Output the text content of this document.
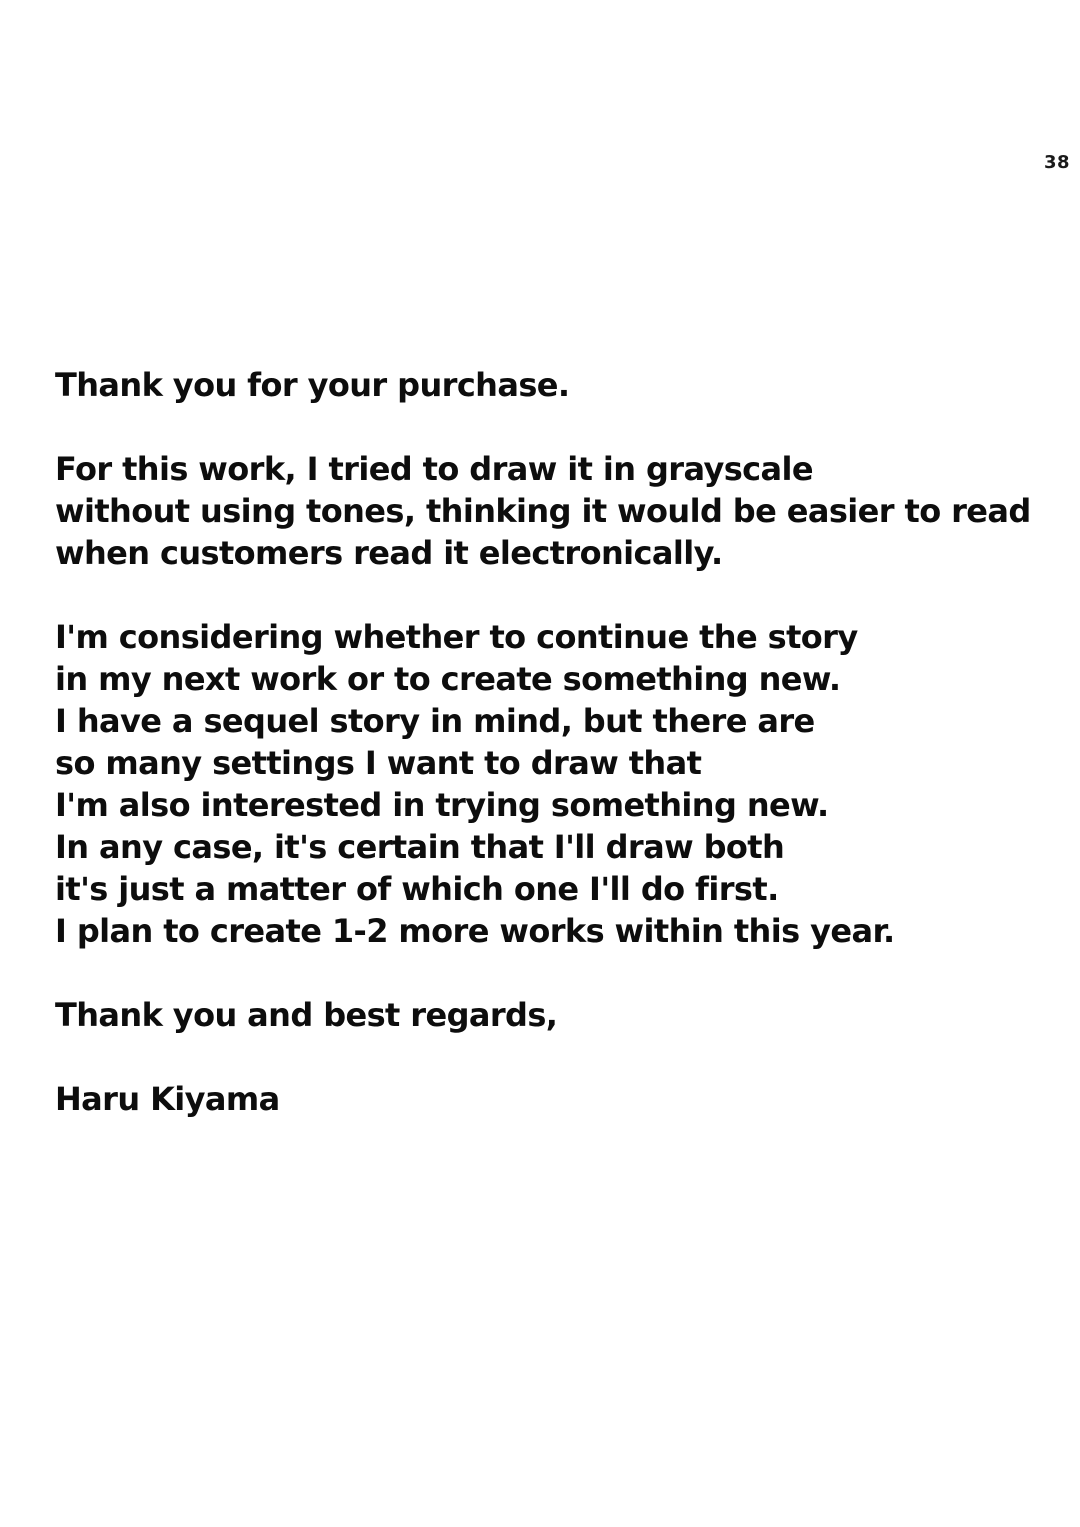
38
Thank you for your purchase.
For this work, I tried to draw it in grayscale
without using tones, thinking it would be easier to read
when customers read it electronically.
I'm considering whether to continue the story
in my next work or to create something new.
I have a sequel story in mind, but there are
so many settings I want to draw that
I'm also interested in trying something new.
In any case, it's certain that I'll draw both
it's just a matter of which one I'll do first.
I plan to create 1-2 more works within this year.
Thank you and best regards,
Haru Kiyama
